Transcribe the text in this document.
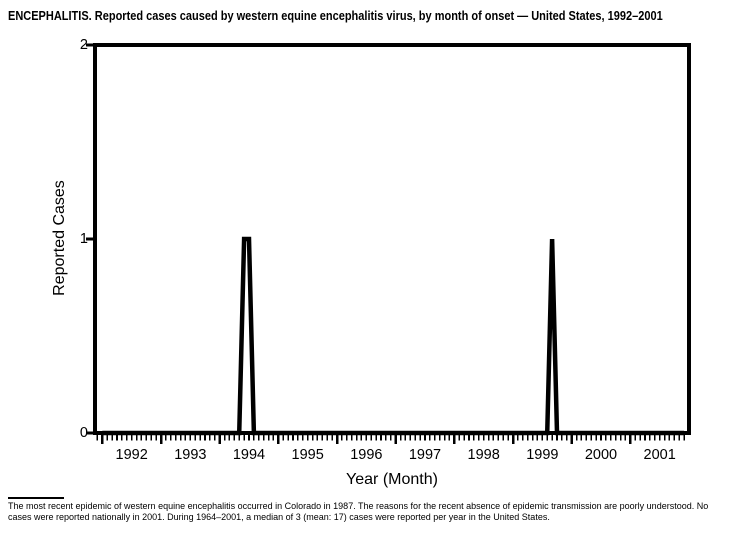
ENCEPHALITIS. Reported cases caused by western equine encephalitis virus, by month of onset — United States, 1992–2001
Reported Cases
Year (Month)
0
1
2
1992	1993	1994	1995	1996	1997	1998	1999	2000	2001
The most recent epidemic of western equine encephalitis occurred in Colorado in 1987. The reasons for the recent absence of epidemic transmission are poorly understood. No cases were reported nationally in 2001. During 1964–2001, a median of 3 (mean: 17) cases were reported per year in the United States.
